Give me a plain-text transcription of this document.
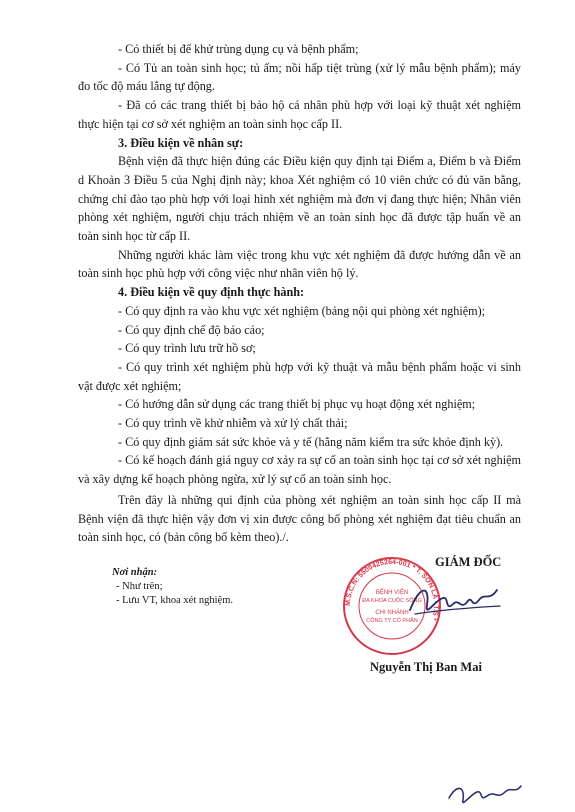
- Có thiết bị để khử trùng dụng cụ và bệnh phẩm;

- Có Tủ an toàn sinh học; tủ ấm; nồi hấp tiệt trùng (xử lý mẫu bệnh phẩm); máy đo tốc độ máu lắng tự động.

- Đã có các trang thiết bị bảo hộ cá nhân phù hợp với loại kỹ thuật xét nghiệm thực hiện tại cơ sở xét nghiệm an toàn sinh học cấp II.

3. Điều kiện về nhân sự:

Bệnh viện đã thực hiện đúng các Điều kiện quy định tại Điểm a, Điểm b và Điểm d Khoản 3 Điều 5 của Nghị định này; khoa Xét nghiệm có 10 viên chức có đủ văn bằng, chứng chỉ đào tạo phù hợp với loại hình xét nghiệm mà đơn vị đang thực hiện; Nhân viên phòng xét nghiệm, người chịu trách nhiệm về an toàn sinh học đã được tập huấn về an toàn sinh học từ cấp II.

Những người khác làm việc trong khu vực xét nghiệm đã được hướng dẫn về an toàn sinh học phù hợp với công việc như nhân viên hộ lý.

4. Điều kiện về quy định thực hành:

- Có quy định ra vào khu vực xét nghiệm (bảng nội qui phòng xét nghiệm);

- Có quy định chế độ báo cáo;

- Có quy trình lưu trữ hồ sơ;

- Có quy trình xét nghiệm phù hợp với kỹ thuật và mẫu bệnh phẩm hoặc vi sinh vật được xét nghiệm;

- Có hướng dẫn sử dụng các trang thiết bị phục vụ hoạt động xét nghiệm;

- Có quy trình về khử nhiễm và xử lý chất thải;

- Có quy định giám sát sức khỏe và y tế (hằng năm kiểm tra sức khỏe định kỳ).

- Có kế hoạch đánh giá nguy cơ xảy ra sự cố an toàn sinh học tại cơ sở xét nghiệm và xây dựng kế hoạch phòng ngừa, xử lý sự cố an toàn sinh học.

Trên đây là những qui định của phòng xét nghiệm an toàn sinh học cấp II mà Bệnh viện đã thực hiện vậy đơn vị xin được công bố phòng xét nghiệm đạt tiêu chuẩn an toàn sinh học, có (bản công bố kèm theo)./.

Nơi nhận:
- Như trên;
- Lưu VT, khoa xét nghiệm.
GIÁM ĐỐC
M.S.C.N: 5500425264-001 * T. SƠN LA - T.S *
BỆNH VIỆN
ĐA KHOA CUỘC SỐNG
CHI NHÁNH
CÔNG TY CỔ PHẦN
Nguyễn Thị Ban Mai
